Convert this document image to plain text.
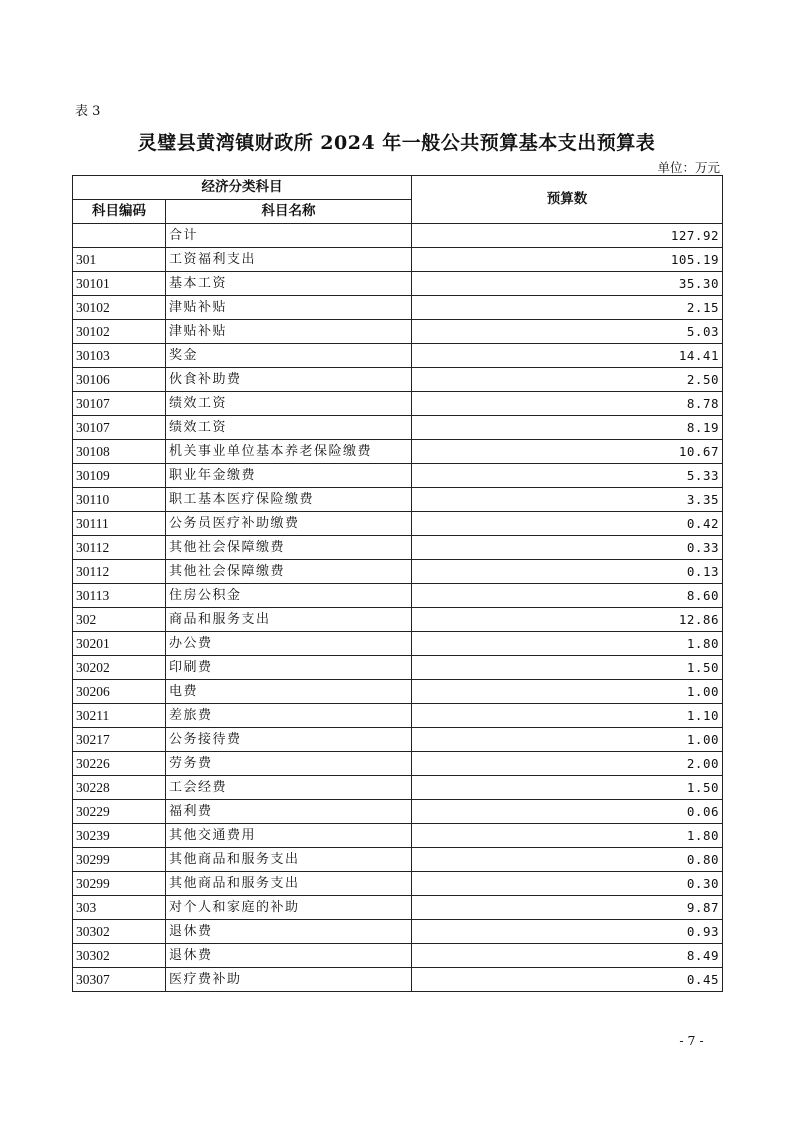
表 3
灵璧县黄湾镇财政所 2024 年一般公共预算基本支出预算表
单位：万元
经济分类科目		预算数
科目编码	科目名称	
	合计	127.92
301	工资福利支出	105.19
30101	基本工资	35.30
30102	津贴补贴	2.15
30102	津贴补贴	5.03
30103	奖金	14.41
30106	伙食补助费	2.50
30107	绩效工资	8.78
30107	绩效工资	8.19
30108	机关事业单位基本养老保险缴费	10.67
30109	职业年金缴费	5.33
30110	职工基本医疗保险缴费	3.35
30111	公务员医疗补助缴费	0.42
30112	其他社会保障缴费	0.33
30112	其他社会保障缴费	0.13
30113	住房公积金	8.60
302	商品和服务支出	12.86
30201	办公费	1.80
30202	印刷费	1.50
30206	电费	1.00
30211	差旅费	1.10
30217	公务接待费	1.00
30226	劳务费	2.00
30228	工会经费	1.50
30229	福利费	0.06
30239	其他交通费用	1.80
30299	其他商品和服务支出	0.80
30299	其他商品和服务支出	0.30
303	对个人和家庭的补助	9.87
30302	退休费	0.93
30302	退休费	8.49
30307	医疗费补助	0.45
- 7 -
